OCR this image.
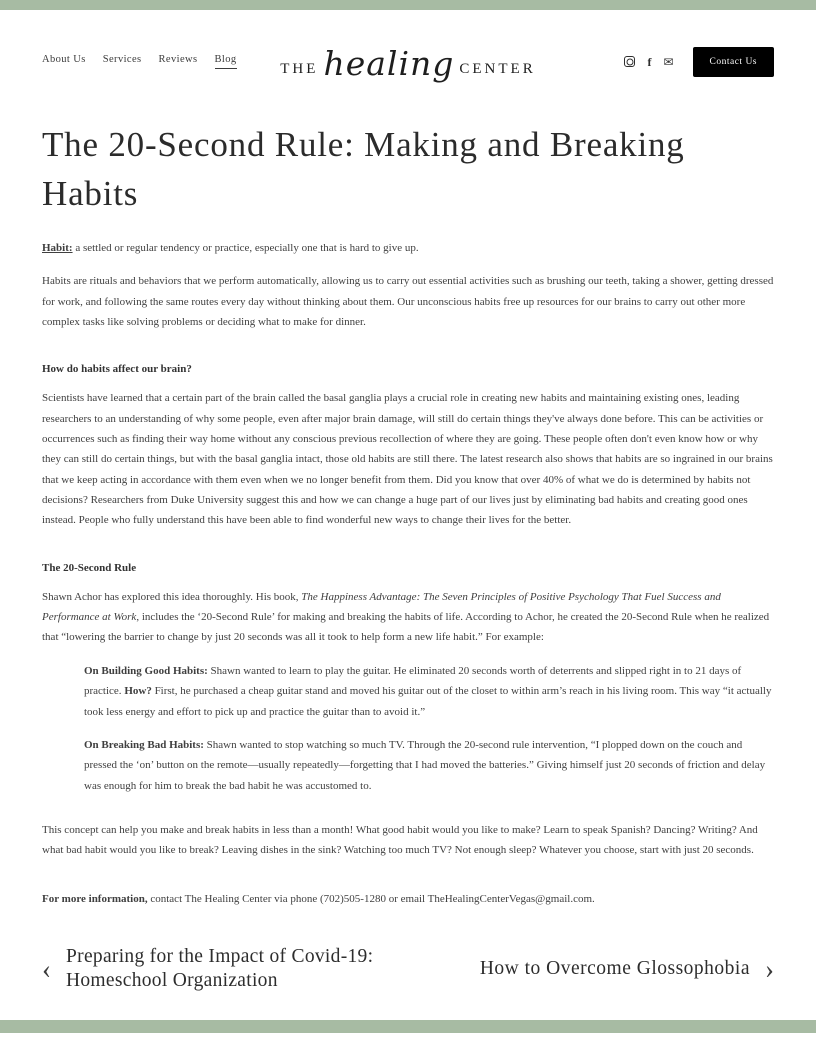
About Us Services Reviews Blog
THE healing CENTER	f ✉	Contact Us
The 20-Second Rule: Making and Breaking Habits

Habit: a settled or regular tendency or practice, especially one that is hard to give up.

Habits are rituals and behaviors that we perform automatically, allowing us to carry out essential activities such as brushing our teeth, taking a shower, getting dressed for work, and following the same routes every day without thinking about them. Our unconscious habits free up resources for our brains to carry out other more complex tasks like solving problems or deciding what to make for dinner.

How do habits affect our brain?

Scientists have learned that a certain part of the brain called the basal ganglia plays a crucial role in creating new habits and maintaining existing ones, leading researchers to an understanding of why some people, even after major brain damage, will still do certain things they've always done before. This can be activities or occurrences such as finding their way home without any conscious previous recollection of where they are going. These people often don't even know how or why they can still do certain things, but with the basal ganglia intact, those old habits are still there. The latest research also shows that habits are so ingrained in our brains that we keep acting in accordance with them even when we no longer benefit from them. Did you know that over 40% of what we do is determined by habits not decisions? Researchers from Duke University suggest this and how we can change a huge part of our lives just by eliminating bad habits and creating good ones instead. People who fully understand this have been able to find wonderful new ways to change their lives for the better.

The 20-Second Rule

Shawn Achor has explored this idea thoroughly. His book, The Happiness Advantage: The Seven Principles of Positive Psychology That Fuel Success and Performance at Work, includes the ‘20-Second Rule’ for making and breaking the habits of life. According to Achor, he created the 20-Second Rule when he realized that “lowering the barrier to change by just 20 seconds was all it took to help form a new life habit.” For example:

On Building Good Habits: Shawn wanted to learn to play the guitar. He eliminated 20 seconds worth of deterrents and slipped right in to 21 days of practice. How? First, he purchased a cheap guitar stand and moved his guitar out of the closet to within arm’s reach in his living room. This way “it actually took less energy and effort to pick up and practice the guitar than to avoid it.”

On Breaking Bad Habits: Shawn wanted to stop watching so much TV. Through the 20-second rule intervention, “I plopped down on the couch and pressed the ‘on’ button on the remote—usually repeatedly—forgetting that I had moved the batteries.” Giving himself just 20 seconds of friction and delay was enough for him to break the bad habit he was accustomed to.

This concept can help you make and break habits in less than a month! What good habit would you like to make? Learn to speak Spanish? Dancing? Writing? And what bad habit would you like to break? Leaving dishes in the sink? Watching too much TV? Not enough sleep? Whatever you choose, start with just 20 seconds.

For more information, contact The Healing Center via phone (702)505-1280 or email TheHealingCenterVegas@gmail.com.

‹ Preparing for the Impact of Covid-19: Homeschool Organization
How to Overcome Glossophobia ›
